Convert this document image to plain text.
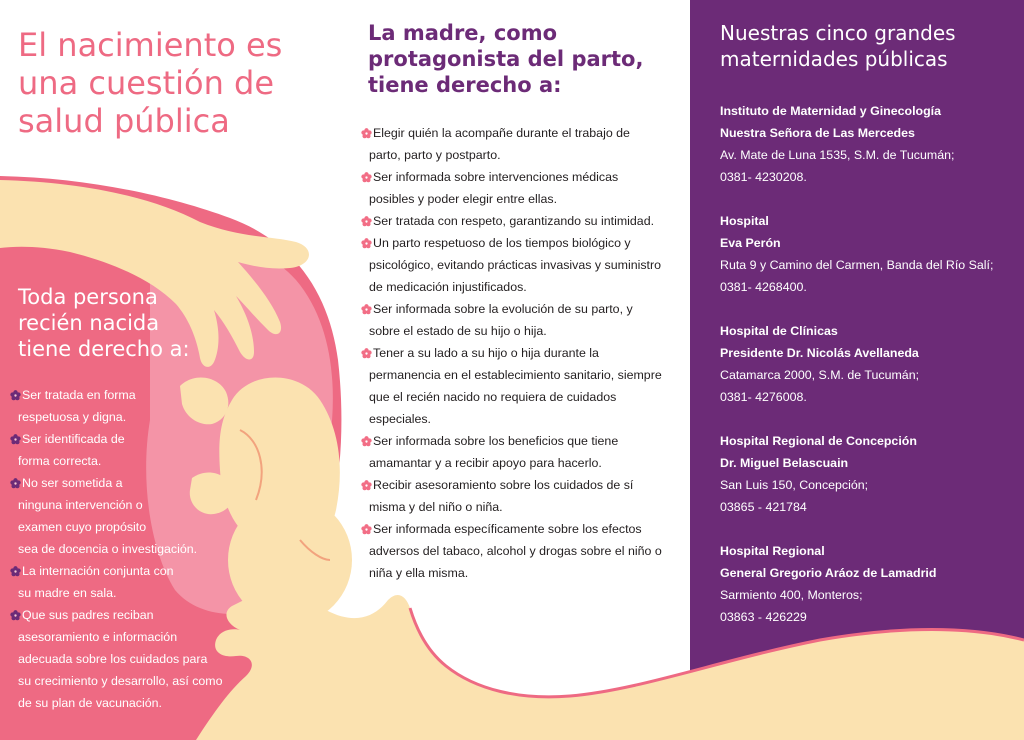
El nacimiento es una cuestión de salud pública
Toda persona recién nacida tiene derecho a:
Ser tratada en forma
respetuosa y digna.
Ser identificada de
forma correcta.
No ser sometida a
ninguna intervención o
examen cuyo propósito
sea de docencia o investigación.
La internación conjunta con
su madre en sala.
Que sus padres reciban
asesoramiento e información
adecuada sobre los cuidados para
su crecimiento y desarrollo, así como
de su plan de vacunación.
La madre, como protagonista del parto, tiene derecho a:
Elegir quién la acompañe durante el trabajo de
parto, parto y postparto.
Ser informada sobre intervenciones médicas
posibles y poder elegir entre ellas.
Ser tratada con respeto, garantizando su intimidad.
Un parto respetuoso de los tiempos biológico y
psicológico, evitando prácticas invasivas y suministro
de medicación injustificados.
Ser informada sobre la evolución de su parto, y
sobre el estado de su hijo o hija.
Tener a su lado a su hijo o hija durante la
permanencia en el establecimiento sanitario, siempre
que el recién nacido no requiera de cuidados
especiales.
Ser informada sobre los beneficios que tiene
amamantar y a recibir apoyo para hacerlo.
Recibir asesoramiento sobre los cuidados de sí
misma y del niño o niña.
Ser informada específicamente sobre los efectos
adversos del tabaco, alcohol y drogas sobre el niño o
niña y ella misma.
Nuestras cinco grandes maternidades públicas
Instituto de Maternidad y Ginecología
Nuestra Señora de Las Mercedes
Av. Mate de Luna 1535, S.M. de Tucumán;
0381- 4230208.
Hospital
Eva Perón
Ruta 9 y Camino del Carmen, Banda del Río Salí;
0381- 4268400.
Hospital de Clínicas
Presidente Dr. Nicolás Avellaneda
Catamarca 2000, S.M. de Tucumán;
0381- 4276008.
Hospital Regional de Concepción
Dr. Miguel Belascuain
San Luis 150, Concepción;
03865 - 421784
Hospital Regional
General Gregorio Aráoz de Lamadrid
Sarmiento 400, Monteros;
03863 - 426229
